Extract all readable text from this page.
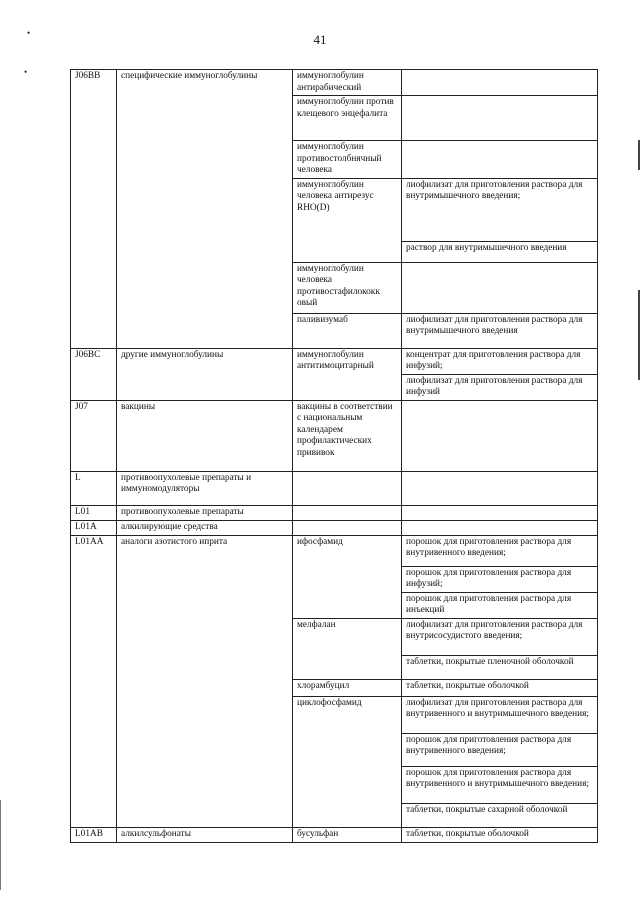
41
•
•	J06BB	специфические иммуноглобулины	иммуноглобулин антирабический	
		иммуноглобулин против клещевого энцефалита	
		иммуноглобулин противостолбнячный человека	
		иммуноглобулин человека антирезус RHO(D)	лиофилизат для приготовления раствора для внутримышечного введения;
			раствор для внутримышечного введения
		иммуноглобулин человека противостафилококк овый	
		паливизумаб	лиофилизат для приготовления раствора для внутримышечного введения
J06BC	другие иммуноглобулины	иммуноглобулин антитимоцитарный	концентрат для приготовления раствора для инфузий;
			лиофилизат для приготовления раствора для инфузий
J07	вакцины	вакцины в соответствии с национальным календарем профилактических прививок	
L	противоопухолевые препараты и иммуномодуляторы		
L01	противоопухолевые препараты		
L01A	алкилирующие средства		
L01AA	аналоги азотистого иприта	ифосфамид	порошок для приготовления раствора для внутривенного введения;
			порошок для приготовления раствора для инфузий;
			порошок для приготовления раствора для инъекций
		мелфалан	лиофилизат для приготовления раствора для внутрисосудистого введения;
			таблетки, покрытые пленочной оболочкой
		хлорамбуцил	таблетки, покрытые оболочкой
		циклофосфамид	лиофилизат для приготовления раствора для внутривенного и внутримышечного введения;
			порошок для приготовления раствора для внутривенного введения;
			порошок для приготовления раствора для внутривенного и внутримышечного введения;
			таблетки, покрытые сахарной оболочкой
L01AB	алкилсульфонаты	бусульфан	таблетки, покрытые оболочкой
